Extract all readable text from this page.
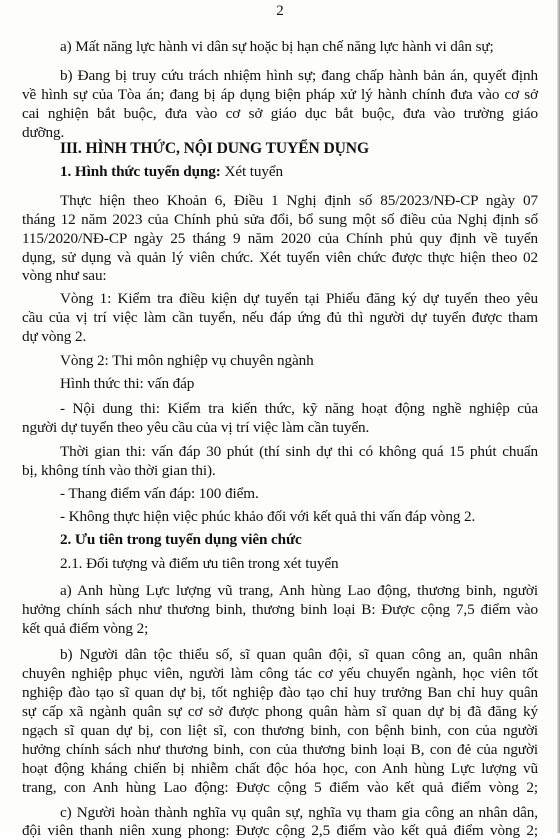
2

a) Mất năng lực hành vi dân sự hoặc bị hạn chế năng lực hành vi dân sự;

b) Đang bị truy cứu trách nhiệm hình sự; đang chấp hành bản án, quyết định

về hình sự của Tòa án; đang bị áp dụng biện pháp xử lý hành chính đưa vào cơ sở

cai nghiện bắt buộc, đưa vào cơ sở giáo dục bắt buộc, đưa vào trường giáo

dưỡng.

III. HÌNH THỨC, NỘI DUNG TUYỂN DỤNG

1. Hình thức tuyển dụng: Xét tuyển

Thực hiện theo Khoản 6, Điều 1 Nghị định số 85/2023/NĐ-CP ngày 07

tháng 12 năm 2023 của Chính phủ sửa đổi, bổ sung một số điều của Nghị định số

115/2020/NĐ-CP ngày 25 tháng 9 năm 2020 của Chính phủ quy định về tuyển

dụng, sử dụng và quản lý viên chức. Xét tuyển viên chức được thực hiện theo 02

vòng như sau:

Vòng 1: Kiểm tra điều kiện dự tuyển tại Phiếu đăng ký dự tuyển theo yêu

cầu của vị trí việc làm cần tuyển, nếu đáp ứng đủ thì người dự tuyển được tham

dự vòng 2.

Vòng 2: Thi môn nghiệp vụ chuyên ngành

Hình thức thi: vấn đáp

- Nội dung thi: Kiểm tra kiến thức, kỹ năng hoạt động nghề nghiệp của

người dự tuyển theo yêu cầu của vị trí việc làm cần tuyển.

Thời gian thi: vấn đáp 30 phút (thí sinh dự thi có không quá 15 phút chuẩn

bị, không tính vào thời gian thi).

- Thang điểm vấn đáp: 100 điểm.

- Không thực hiện việc phúc khảo đối với kết quả thi vấn đáp vòng 2.

2. Ưu tiên trong tuyển dụng viên chức

2.1. Đối tượng và điểm ưu tiên trong xét tuyển

a) Anh hùng Lực lượng vũ trang, Anh hùng Lao động, thương binh, người

hưởng chính sách như thương binh, thương binh loại B: Được cộng 7,5 điểm vào

kết quả điểm vòng 2;

b) Người dân tộc thiểu số, sĩ quan quân đội, sĩ quan công an, quân nhân

chuyên nghiệp phục viên, người làm công tác cơ yếu chuyển ngành, học viên tốt

nghiệp đào tạo sĩ quan dự bị, tốt nghiệp đào tạo chỉ huy trưởng Ban chỉ huy quân

sự cấp xã ngành quân sự cơ sở được phong quân hàm sĩ quan dự bị đã đăng ký

ngạch sĩ quan dự bị, con liệt sĩ, con thương binh, con bệnh binh, con của người

hưởng chính sách như thương binh, con của thương binh loại B, con đẻ của người

hoạt động kháng chiến bị nhiễm chất độc hóa học, con Anh hùng Lực lượng vũ

trang, con Anh hùng Lao động: Được cộng 5 điểm vào kết quả điểm vòng 2;

c) Người hoàn thành nghĩa vụ quân sự, nghĩa vụ tham gia công an nhân dân,

đội viên thanh niên xung phong: Được cộng 2,5 điểm vào kết quả điểm vòng 2;
